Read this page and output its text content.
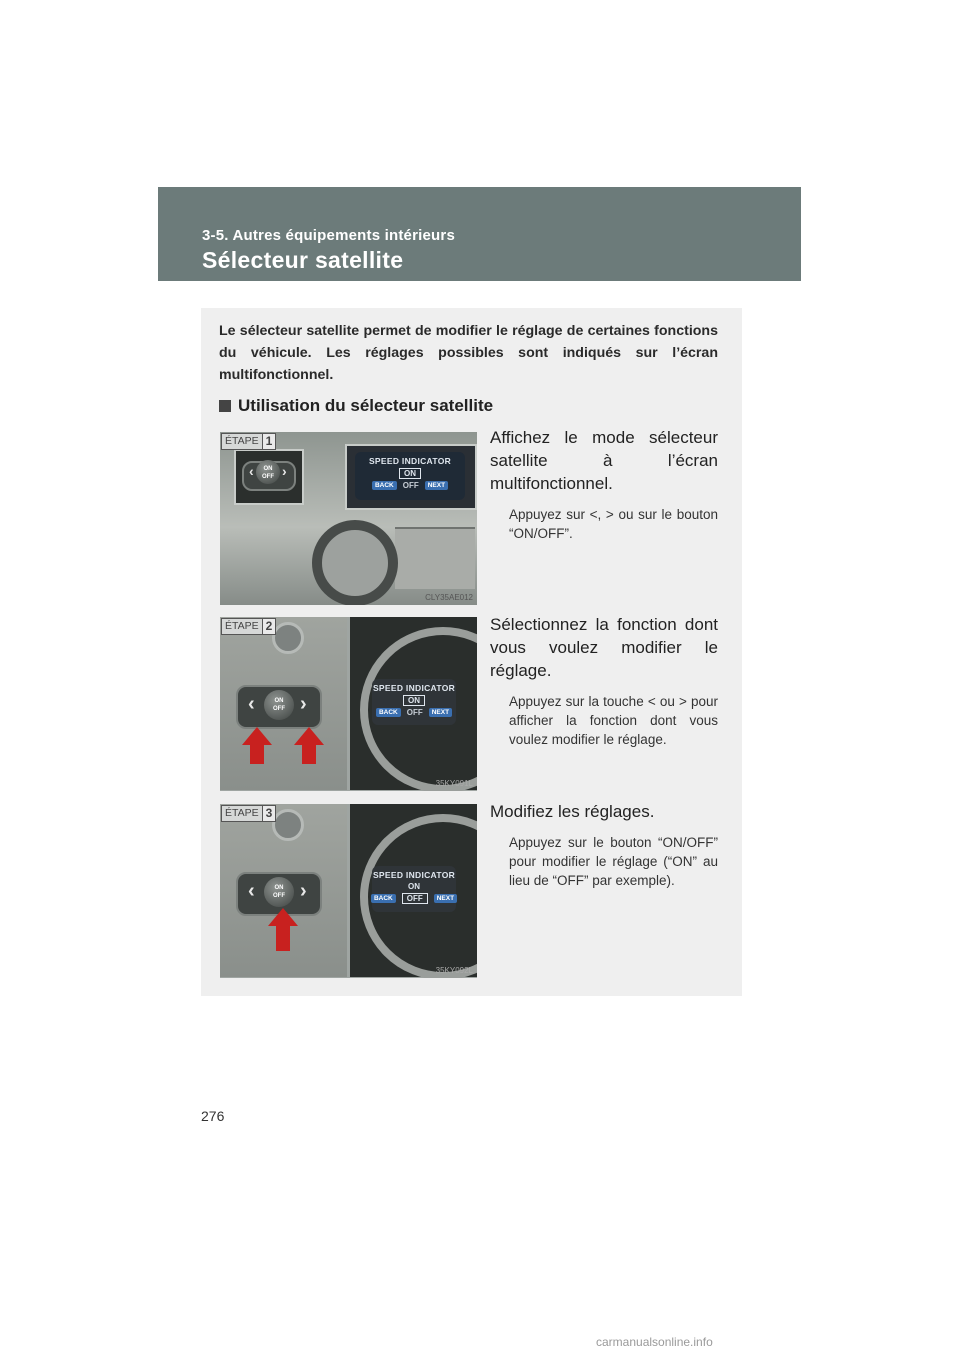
3-5. Autres équipements intérieurs
Sélecteur satellite
Le sélecteur satellite permet de modifier le réglage de certaines fonctions du véhicule. Les réglages possibles sont indiqués sur l’écran multifonctionnel.
Utilisation du sélecteur satellite
‹	ON
OFF ›
SPEED INDICATOR
ON
BACK	OFF	NEXT
ÉTAPE 1
CLY35AE012
Affichez le mode sélecteur satellite à l’écran multifonctionnel.
Appuyez sur <, > ou sur le bouton “ON/OFF”.
‹	ON
OFF ›
SPEED INDICATOR
ON
BACK	OFF	NEXT
ÉTAPE 2
35KY091L
Sélectionnez la fonction dont vous voulez modifier le réglage.
Appuyez sur la touche < ou > pour afficher la fonction dont vous voulez modifier le réglage.
‹	ON
OFF ›
SPEED INDICATOR
ON
BACK	OFF	NEXT
ÉTAPE 3
35KY092L
Modifiez les réglages.
Appuyez sur le bouton “ON/OFF” pour modifier le réglage (“ON” au lieu de “OFF” par exemple).
276
carmanualsonline.info
